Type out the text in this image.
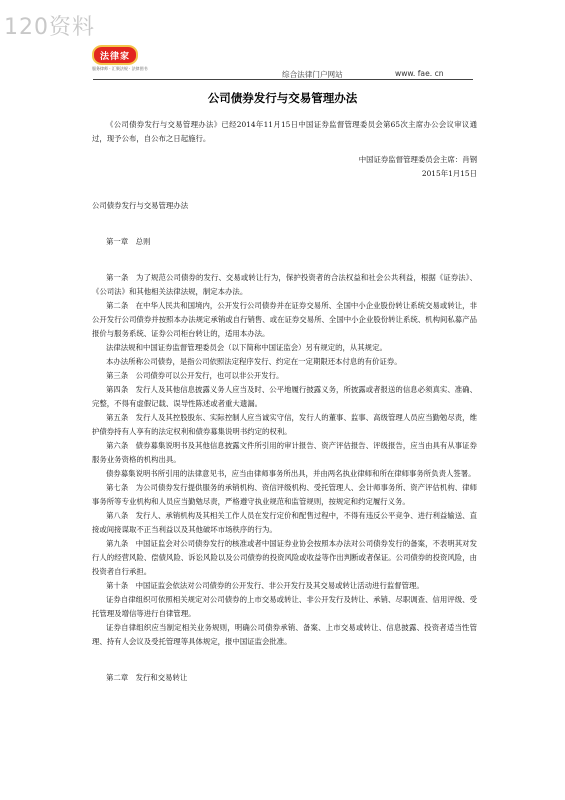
120资料
法律家
服务律师 · 汇聚法规 · 法律图书
综合法律门户网站	www. fae. cn
公司债券发行与交易管理办法

《公司债券发行与交易管理办法》已经2014年11月15日中国证券监督管理委员会第65次主席办公会议审议通过，现予公布，自公布之日起施行。

中国证券监督管理委员会主席：肖钢

2015年1月15日

公司债券发行与交易管理办法

第一章　总则

第一条　为了规范公司债券的发行、交易或转让行为，保护投资者的合法权益和社会公共利益，根据《证券法》、《公司法》和其他相关法律法规，制定本办法。

第二条　在中华人民共和国境内，公开发行公司债券并在证券交易所、全国中小企业股份转让系统交易或转让，非公开发行公司债券并按照本办法规定承销或自行销售、或在证券交易所、全国中小企业股份转让系统、机构间私募产品报价与服务系统、证券公司柜台转让的，适用本办法。

法律法规和中国证券监督管理委员会（以下简称中国证监会）另有规定的，从其规定。

本办法所称公司债券，是指公司依照法定程序发行、约定在一定期限还本付息的有价证券。

第三条　公司债券可以公开发行，也可以非公开发行。

第四条　发行人及其他信息披露义务人应当及时、公平地履行披露义务，所披露或者报送的信息必须真实、准确、完整，不得有虚假记载、误导性陈述或者重大遗漏。

第五条　发行人及其控股股东、实际控制人应当诚实守信，发行人的董事、监事、高级管理人员应当勤勉尽责，维护债券持有人享有的法定权利和债券募集说明书约定的权利。

第六条　债券募集说明书及其他信息披露文件所引用的审计报告、资产评估报告、评级报告，应当由具有从事证券服务业务资格的机构出具。

债券募集说明书所引用的法律意见书，应当由律师事务所出具，并由两名执业律师和所在律师事务所负责人签署。

第七条　为公司债券发行提供服务的承销机构、资信评级机构、受托管理人、会计师事务所、资产评估机构、律师事务所等专业机构和人员应当勤勉尽责，严格遵守执业规范和监管规则，按规定和约定履行义务。

第八条　发行人、承销机构及其相关工作人员在发行定价和配售过程中，不得有违反公平竞争、进行利益输送、直接或间接谋取不正当利益以及其他破坏市场秩序的行为。

第九条　中国证监会对公司债券发行的核准或者中国证券业协会按照本办法对公司债券发行的备案，不表明其对发行人的经营风险、偿债风险、诉讼风险以及公司债券的投资风险或收益等作出判断或者保证。公司债券的投资风险，由投资者自行承担。

第十条　中国证监会依法对公司债券的公开发行、非公开发行及其交易或转让活动进行监督管理。

证券自律组织可依照相关规定对公司债券的上市交易或转让、非公开发行及转让、承销、尽职调查、信用评级、受托管理及增信等进行自律管理。

证券自律组织应当制定相关业务规则，明确公司债券承销、备案、上市交易或转让、信息披露、投资者适当性管理、持有人会议及受托管理等具体规定，报中国证监会批准。

第二章　发行和交易转让
